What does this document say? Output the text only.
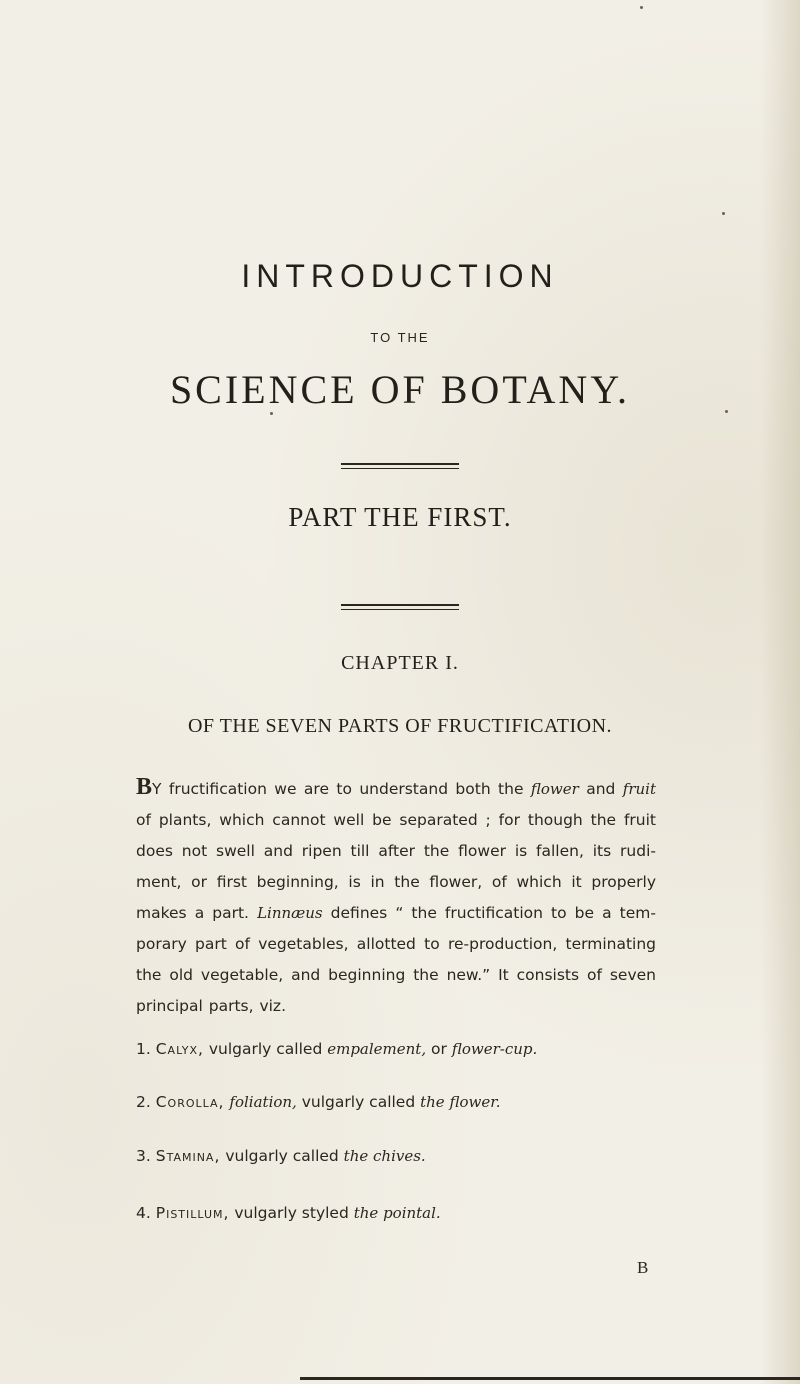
INTRODUCTION
TO THE
SCIENCE OF BOTANY.
PART THE FIRST.
CHAPTER I.
OF THE SEVEN PARTS OF FRUCTIFICATION.
BY fructification we are to understand both the flower and fruit
of plants, which cannot well be separated ; for though the fruit
does not swell and ripen till after the flower is fallen, its rudi-
ment, or first beginning, is in the flower, of which it properly
makes a part. Linnæus defines “ the fructification to be a tem-
porary part of vegetables, allotted to re-production, terminating
the old vegetable, and beginning the new.” It consists of seven
principal parts, viz.
1. Calyx, vulgarly called empalement, or flower-cup.
2. Corolla, foliation, vulgarly called the flower.
3. Stamina, vulgarly called the chives.
4. Pistillum, vulgarly styled the pointal.
B
